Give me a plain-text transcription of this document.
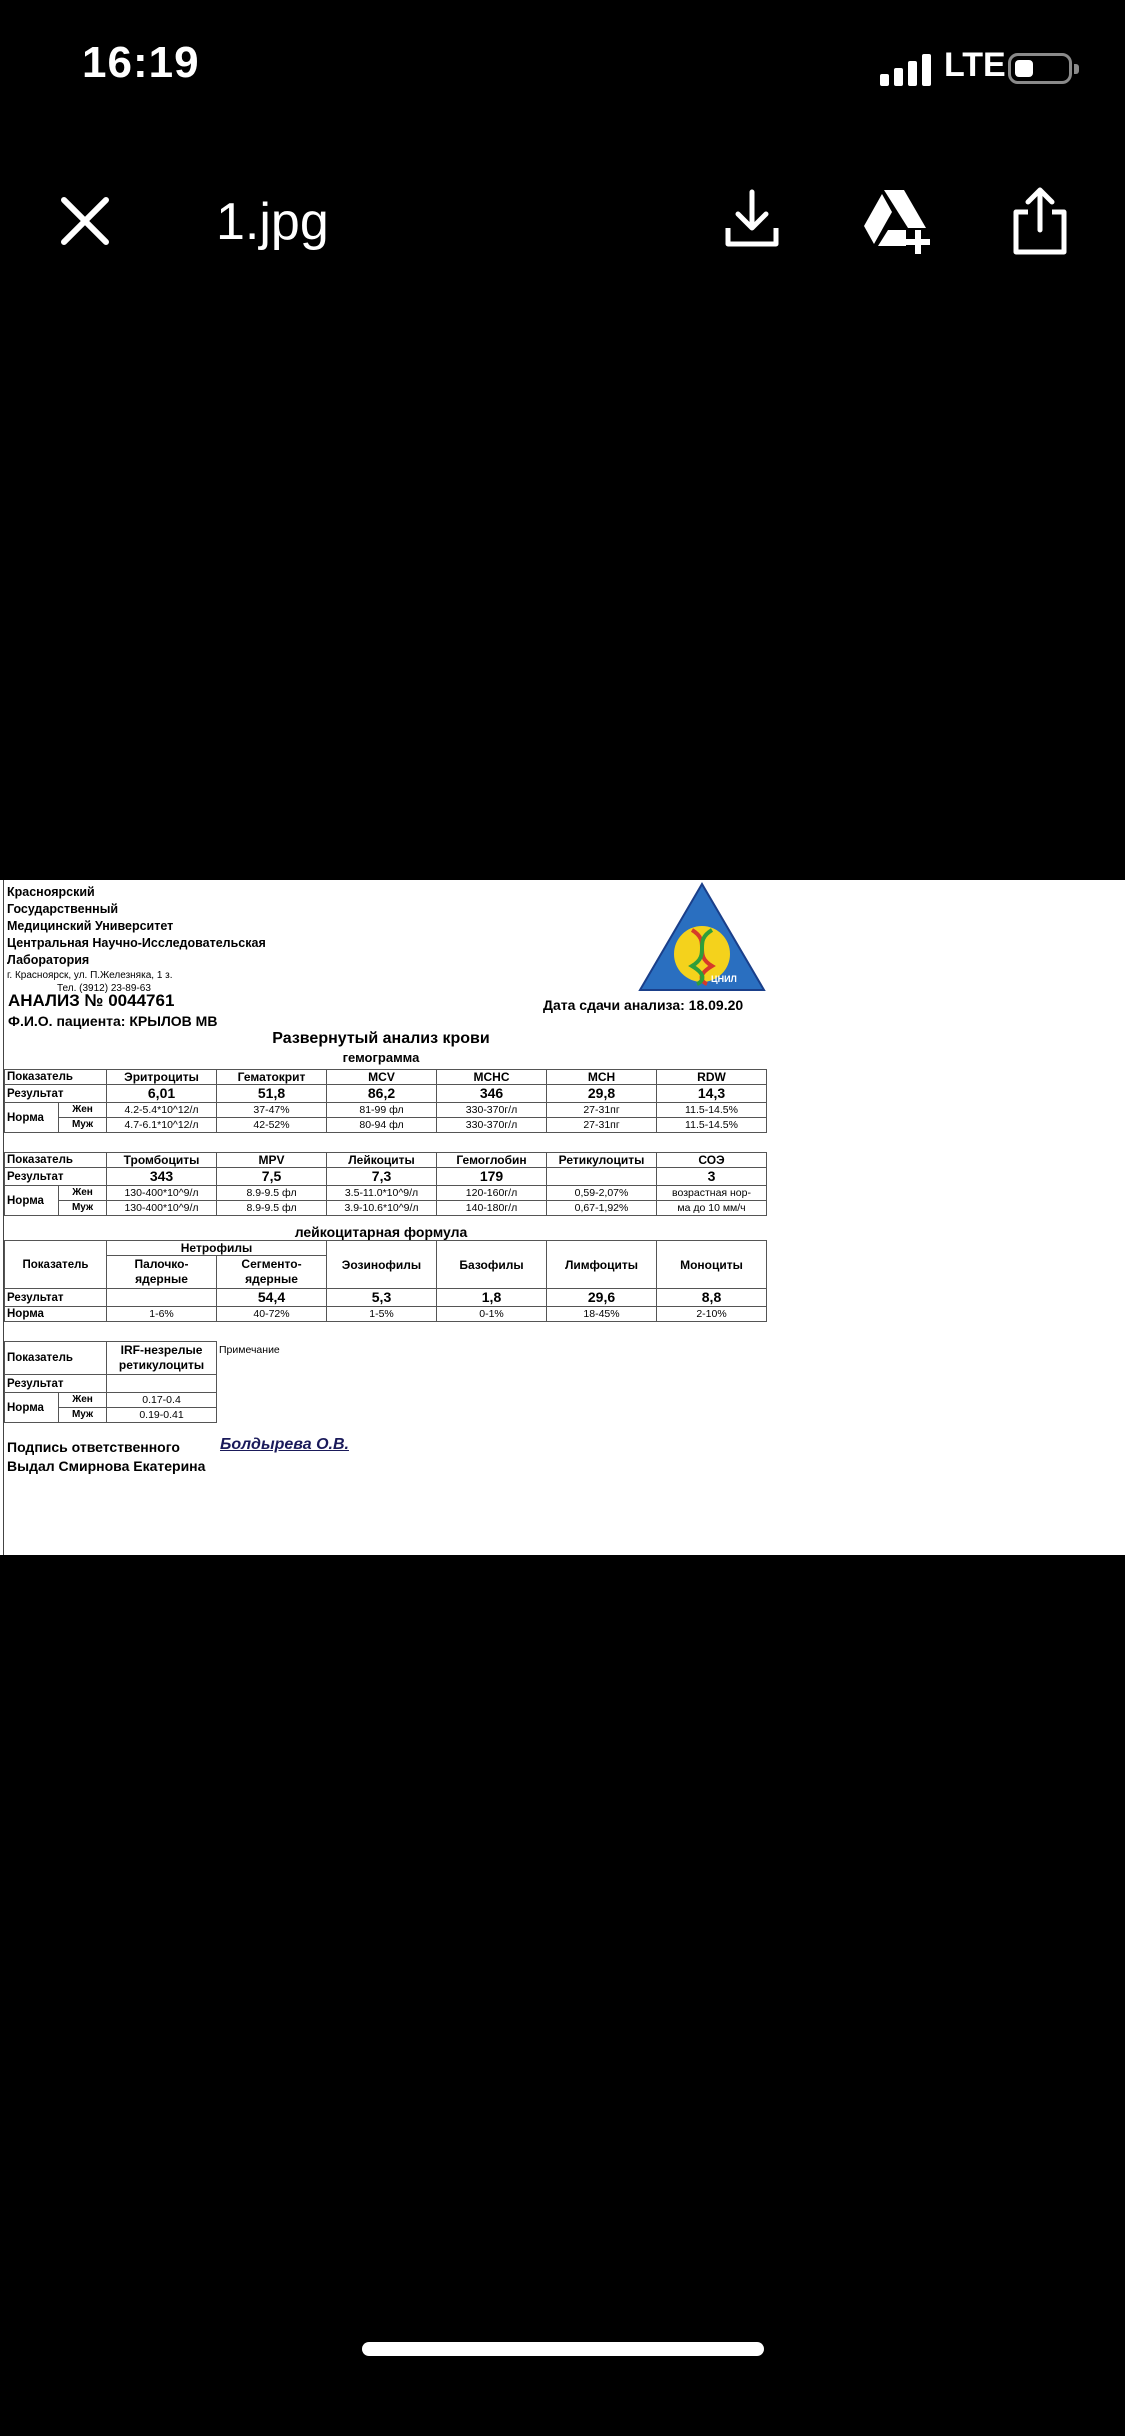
16:19	LTE
1.jpg
Красноярский
Государственный
Медицинский Университет
Центральная Научно-Исследовательская
Лаборатория
г. Красноярск, ул. П.Железняка, 1 з.
Тел. (3912) 23-89-63
ЦНИЛ
АНАЛИЗ № 0044761
Ф.И.О. пациента: КРЫЛОВ МВ
Дата сдачи анализа: 18.09.20
Развернутый анализ крови
гемограмма
Показатель		Эритроциты	Гематокрит	MCV	MCHC	MCH	RDW
Результат		6,01	51,8	86,2	346	29,8	14,3
Норма	Жен	4.2-5.4*10^12/л	37-47%	81-99 фл	330-370г/л	27-31пг	11.5-14.5%
	Муж	4.7-6.1*10^12/л	42-52%	80-94 фл	330-370г/л	27-31пг	11.5-14.5%
Показатель		Тромбоциты	MPV	Лейкоциты	Гемоглобин	Ретикулоциты	СОЭ
Результат		343	7,5	7,3	179		3
Норма	Жен	130-400*10^9/л	8.9-9.5 фл	3.5-11.0*10^9/л	120-160г/л	0,59-2,07%	возрастная нор-
	Муж	130-400*10^9/л	8.9-9.5 фл	3.9-10.6*10^9/л	140-180г/л	0,67-1,92%	ма до 10 мм/ч
лейкоцитарная формула
Показатель	Нетрофилы		Эозинофилы	Базофилы	Лимфоциты	Моноциты
	Палочко-
ядерные	Сегменто-
ядерные				
Результат		54,4	5,3	1,8	29,6	8,8
Норма	1-6%	40-72%	1-5%	0-1%	18-45%	2-10%
Показатель		IRF-незрелые ретикулоциты
Результат		
Норма	Жен	0.17-0.4
	Муж	0.19-0.41
Примечание
Подпись ответственного	Болдырева О.В.
Выдал Смирнова Екатерина
